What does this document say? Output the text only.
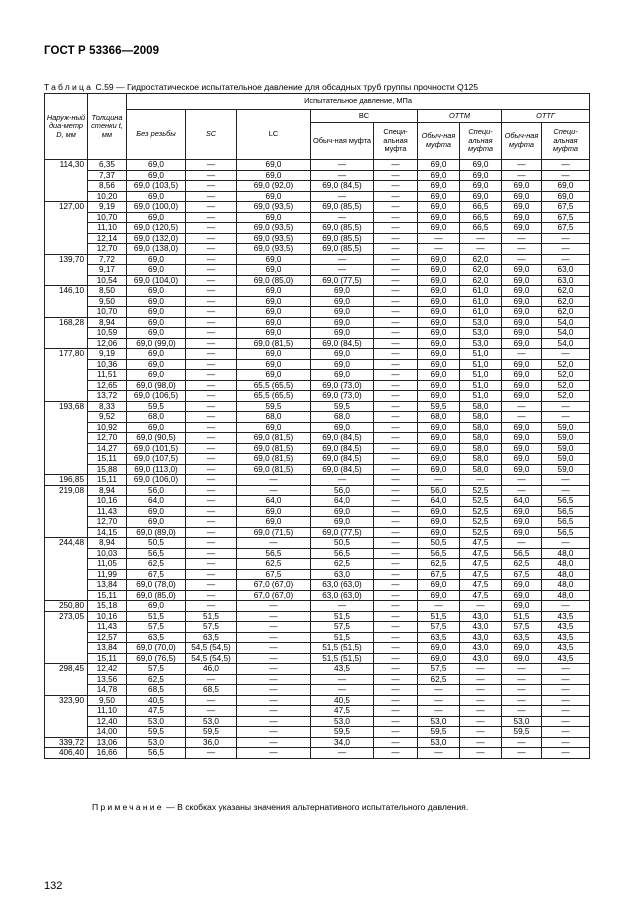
ГОСТ Р 53366—2009
Таблица С.59 — Гидростатическое испытательное давление для обсадных труб группы прочности Q125
Наруж-ный диа-метр D, мм	Толщина стенки t, мм	Испытательное давление, МПа								
		Без резьбы	SC	LC	BC		ОТТМ		ОТТГ	
					Обыч-ная муфта	Специ-альная муфта	Обыч-ная муфта	Специ-альная муфта	Обыч-ная муфта	Специ-альная муфта
114,30	6,35	69,0	—	69,0	—	—	69,0	69,0	—	—
	7,37	69,0	—	69,0	—	—	69,0	69,0	—	—
	8,56	69,0 (103,5)	—	69,0 (92,0)	69,0 (84,5)	—	69,0	69,0	69,0	69,0
	10,20	69,0	—	69,0	—	—	69,0	69,0	69,0	69,0
127,00	9,19	69,0 (100,0)	—	69,0 (93,5)	69,0 (85,5)	—	69,0	66,5	69,0	67,5
	10,70	69,0	—	69,0	—	—	69,0	66,5	69,0	67,5
	11,10	69,0 (120,5)	—	69,0 (93,5)	69,0 (85,5)	—	69,0	66,5	69,0	67,5
	12,14	69,0 (132,0)	—	69,0 (93,5)	69,0 (85,5)	—	—	—	—	—
	12,70	69,0 (138,0)	—	69,0 (93,5)	69,0 (85,5)	—	—	—	—	—
139,70	7,72	69,0	—	69,0	—	—	69,0	62,0	—	—
	9,17	69,0	—	69,0	—	—	69,0	62,0	69,0	63,0
	10,54	69,0 (104,0)	—	69,0 (85,0)	69,0 (77,5)	—	69,0	62,0	69,0	63,0
146,10	8,50	69,0	—	69,0	69,0	—	69,0	61,0	69,0	62,0
	9,50	69,0	—	69,0	69,0	—	69,0	61,0	69,0	62,0
	10,70	69,0	—	69,0	69,0	—	69,0	61,0	69,0	62,0
168,28	8,94	69,0	—	69,0	69,0	—	69,0	53,0	69,0	54,0
	10,59	69,0	—	69,0	69,0	—	69,0	53,0	69,0	54,0
	12,06	69,0 (99,0)	—	69,0 (81,5)	69,0 (84,5)	—	69,0	53,0	69,0	54,0
177,80	9,19	69,0	—	69,0	69,0	—	69,0	51,0	—	—
	10,36	69,0	—	69,0	69,0	—	69,0	51,0	69,0	52,0
	11,51	69,0	—	69,0	69,0	—	69,0	51,0	69,0	52,0
	12,65	69,0 (98,0)	—	65,5 (65,5)	69,0 (73,0)	—	69,0	51,0	69,0	52,0
	13,72	69,0 (106,5)	—	65,5 (65,5)	69,0 (73,0)	—	69,0	51,0	69,0	52,0
193,68	8,33	59,5	—	59,5	59,5	—	59,5	58,0	—	—
	9,52	68,0	—	68,0	68,0	—	68,0	58,0	—	—
	10,92	69,0	—	69,0	69,0	—	69,0	58,0	69,0	59,0
	12,70	69,0 (90,5)	—	69,0 (81,5)	69,0 (84,5)	—	69,0	58,0	69,0	59,0
	14,27	69,0 (101,5)	—	69,0 (81,5)	69,0 (84,5)	—	69,0	58,0	69,0	59,0
	15,11	69,0 (107,5)	—	69,0 (81,5)	69,0 (84,5)	—	69,0	58,0	69,0	59,0
	15,88	69,0 (113,0)	—	69,0 (81,5)	69,0 (84,5)	—	69,0	58,0	69,0	59,0
196,85	15,11	69,0 (106,0)	—	—	—	—	—	—	—	—
219,08	8,94	56,0	—	—	56,0	—	56,0	52,5	—	—
	10,16	64,0	—	64,0	64,0	—	64,0	52,5	64,0	56,5
	11,43	69,0	—	69,0	69,0	—	69,0	52,5	69,0	56,5
	12,70	69,0	—	69,0	69,0	—	69,0	52,5	69,0	56,5
	14,15	69,0 (89,0)	—	69,0 (71,5)	69,0 (77,5)	—	69,0	52,5	69,0	56,5
244,48	8,94	50,5	—	—	50,5	—	50,5	47,5	—	—
	10,03	56,5	—	56,5	56,5	—	56,5	47,5	56,5	48,0
	11,05	62,5	—	62,5	62,5	—	62,5	47,5	62,5	48,0
	11,99	67,5	—	67,5	63,0	—	67,5	47,5	67,5	48,0
	13,84	69,0 (78,0)	—	67,0 (67,0)	63,0 (63,0)	—	69,0	47,5	69,0	48,0
	15,11	69,0 (85,0)	—	67,0 (67,0)	63,0 (63,0)	—	69,0	47,5	69,0	48,0
250,80	15,18	69,0	—	—	—	—	—	—	69,0	—
273,05	10,16	51,5	51,5	—	51,5	—	51,5	43,0	51,5	43,5
	11,43	57,5	57,5	—	57,5	—	57,5	43,0	57,5	43,5
	12,57	63,5	63,5	—	51,5	—	63,5	43,0	63,5	43,5
	13,84	69,0 (70,0)	54,5 (54,5)	—	51,5 (51,5)	—	69,0	43,0	69,0	43,5
	15,11	69,0 (76,5)	54,5 (54,5)	—	51,5 (51,5)	—	69,0	43,0	69,0	43,5
298,45	12,42	57,5	46,0	—	43,5	—	57,5	—	—	—
	13,56	62,5	—	—	—	—	62,5	—	—	—
	14,78	68,5	68,5	—	—	—	—	—	—	—
323,90	9,50	40,5	—	—	40,5	—	—	—	—	—
	11,10	47,5	—	—	47,5	—	—	—	—	—
	12,40	53,0	53,0	—	53,0	—	53,0	—	53,0	—
	14,00	59,5	59,5	—	59,5	—	59,5	—	59,5	—
339,72	13,06	53,0	36,0	—	34,0	—	53,0	—	—	—
406,40	16,66	56,5	—	—	—	—	—	—	—	—
Примечание — В скобках указаны значения альтернативного испытательного давления.
132
